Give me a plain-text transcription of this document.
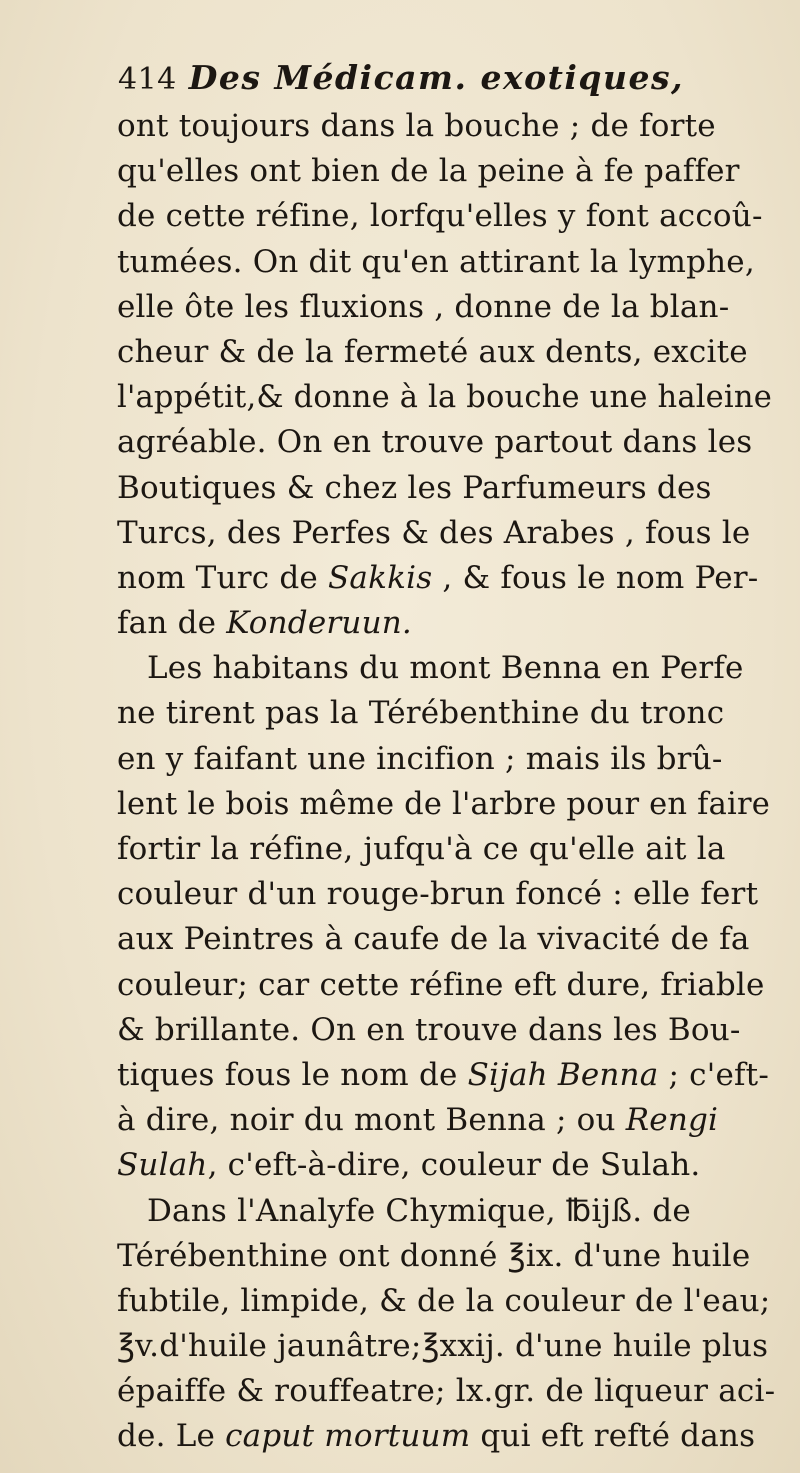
414 Des Médicam. exotiques,
ont toujours dans la bouche ; de forte
qu'elles ont bien de la peine à fe paffer
de cette réfine, lorfqu'elles y font accoû-
tumées. On dit qu'en attirant la lymphe,
elle ôte les fluxions , donne de la blan-
cheur & de la fermeté aux dents, excite
l'appétit,& donne à la bouche une haleine
agréable. On en trouve partout dans les
Boutiques & chez les Parfumeurs des
Turcs, des Perfes & des Arabes , fous le
nom Turc de Sakkis , & fous le nom Per-
fan de Konderuun.
Les habitans du mont Benna en Perfe
ne tirent pas la Térébenthine du tronc
en y faifant une incifion ; mais ils brû-
lent le bois même de l'arbre pour en faire
fortir la réfine, jufqu'à ce qu'elle ait la
couleur d'un rouge-brun foncé : elle fert
aux Peintres à caufe de la vivacité de fa
couleur; car cette réfine eft dure, friable
& brillante. On en trouve dans les Bou-
tiques fous le nom de Sijah Benna ; c'eft-
à dire, noir du mont Benna ; ou Rengi
Sulah, c'eft-à-dire, couleur de Sulah.
Dans l'Analyfe Chymique, ℔ijß. de
Térébenthine ont donné ℥ix. d'une huile
fubtile, limpide, & de la couleur de l'eau;
℥v.d'huile jaunâtre;℥xxij. d'une huile plus
épaiffe & rouffeatre; lx.gr. de liqueur aci-
de. Le caput mortuum qui eft refté dans
